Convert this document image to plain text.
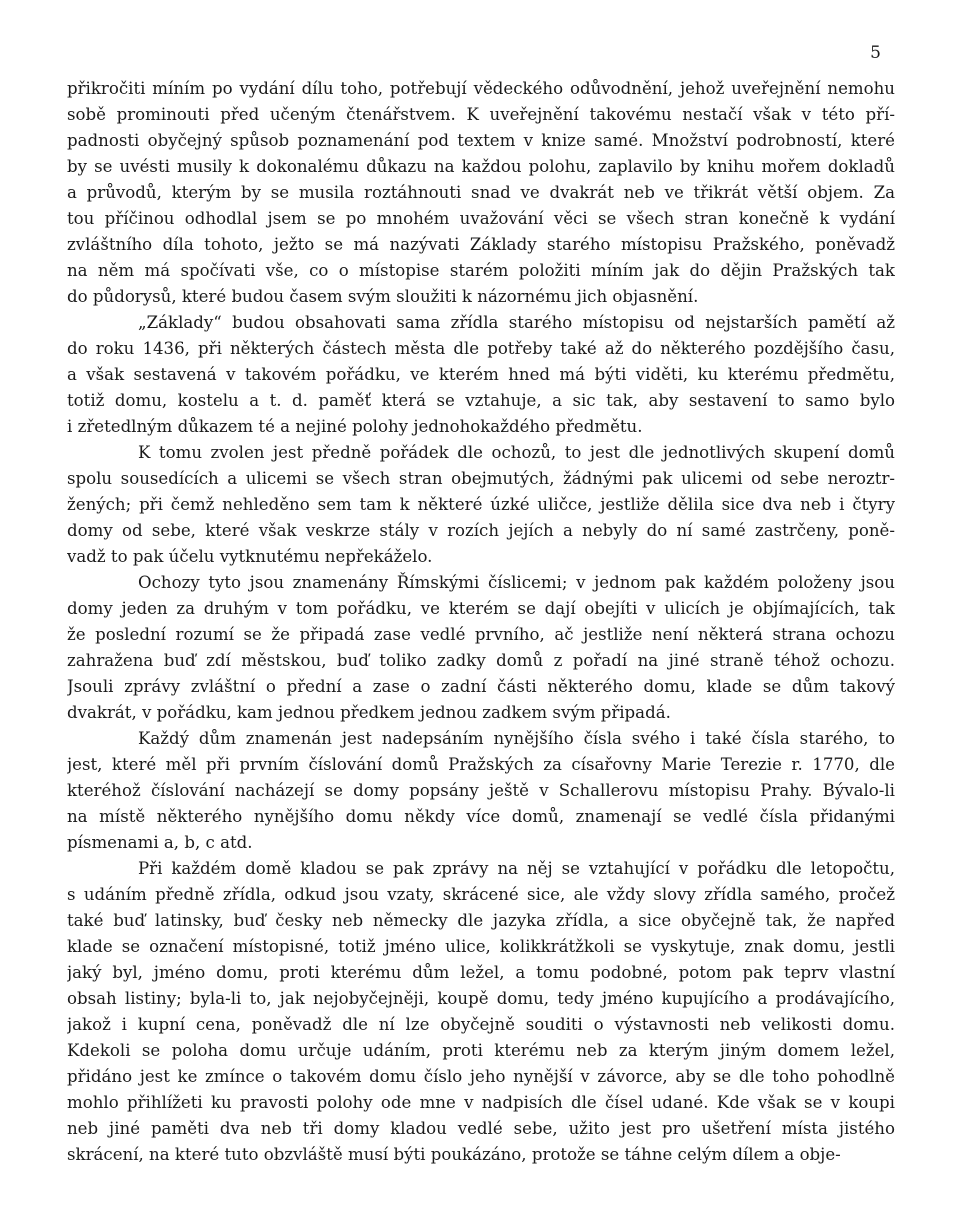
5
přikročiti míním po vydání dílu toho, potřebují vědeckého odůvodnění, jehož uveřejnění nemohu
sobě prominouti před učeným čtenářstvem. K uveřejnění takovému nestačí však v této pří-
padnosti obyčejný spůsob poznamenání pod textem v knize samé. Množství podrobností, které
by se uvésti musily k dokonalému důkazu na každou polohu, zaplavilo by knihu mořem dokladů
a průvodů, kterým by se musila roztáhnouti snad ve dvakrát neb ve třikrát větší objem. Za
tou příčinou odhodlal jsem se po mnohém uvažování věci se všech stran konečně k vydání
zvláštního díla tohoto, ježto se má nazývati Základy starého místopisu Pražského, poněvadž
na něm má spočívati vše, co o místopise starém položiti míním jak do dějin Pražských tak
do půdorysů, které budou časem svým sloužiti k názornému jich objasnění.
„Základy“ budou obsahovati sama zřídla starého místopisu od nejstarších pamětí až
do roku 1436, při některých částech města dle potřeby také až do některého pozdějšího času,
a však sestavená v takovém pořádku, ve kterém hned má býti viděti, ku kterému předmětu,
totiž domu, kostelu a t. d. paměť která se vztahuje, a sic tak, aby sestavení to samo bylo
i zřetedlným důkazem té a nejiné polohy jednohokaždého předmětu.
K tomu zvolen jest předně pořádek dle ochozů, to jest dle jednotlivých skupení domů
spolu sousedících a ulicemi se všech stran obejmutých, žádnými pak ulicemi od sebe neroztr-
žených; při čemž nehleděno sem tam k některé úzké uličce, jestliže dělila sice dva neb i čtyry
domy od sebe, které však veskrze stály v rozích jejích a nebyly do ní samé zastrčeny, poně-
vadž to pak účelu vytknutému nepřekáželo.
Ochozy tyto jsou znamenány Římskými číslicemi; v jednom pak každém položeny jsou
domy jeden za druhým v tom pořádku, ve kterém se dají obejíti v ulicích je objímajících, tak
že poslední rozumí se že připadá zase vedlé prvního, ač jestliže není některá strana ochozu
zahražena buď zdí městskou, buď toliko zadky domů z pořadí na jiné straně téhož ochozu.
Jsouli zprávy zvláštní o přední a zase o zadní části některého domu, klade se dům takový
dvakrát, v pořádku, kam jednou předkem jednou zadkem svým připadá.
Každý dům znamenán jest nadepsáním nynějšího čísla svého i také čísla starého, to
jest, které měl při prvním číslování domů Pražských za císařovny Marie Terezie r. 1770, dle
kteréhož číslování nacházejí se domy popsány ještě v Schallerovu místopisu Prahy. Bývalo-li
na místě některého nynějšího domu někdy více domů, znamenají se vedlé čísla přidanými
písmenami a, b, c atd.
Při každém domě kladou se pak zprávy na něj se vztahující v pořádku dle letopočtu,
s udáním předně zřídla, odkud jsou vzaty, skrácené sice, ale vždy slovy zřídla samého, pročež
také buď latinsky, buď česky neb německy dle jazyka zřídla, a sice obyčejně tak, že napřed
klade se označení místopisné, totiž jméno ulice, kolikkrátžkoli se vyskytuje, znak domu, jestli
jaký byl, jméno domu, proti kterému dům ležel, a tomu podobné, potom pak teprv vlastní
obsah listiny; byla-li to, jak nejobyčejněji, koupě domu, tedy jméno kupujícího a prodávajícího,
jakož i kupní cena, poněvadž dle ní lze obyčejně souditi o výstavnosti neb velikosti domu.
Kdekoli se poloha domu určuje udáním, proti kterému neb za kterým jiným domem ležel,
přidáno jest ke zmínce o takovém domu číslo jeho nynější v závorce, aby se dle toho pohodlně
mohlo přihlížeti ku pravosti polohy ode mne v nadpisích dle čísel udané. Kde však se v koupi
neb jiné paměti dva neb tři domy kladou vedlé sebe, užito jest pro ušetření místa jistého
skrácení, na které tuto obzvláště musí býti poukázáno, protože se táhne celým dílem a obje-
